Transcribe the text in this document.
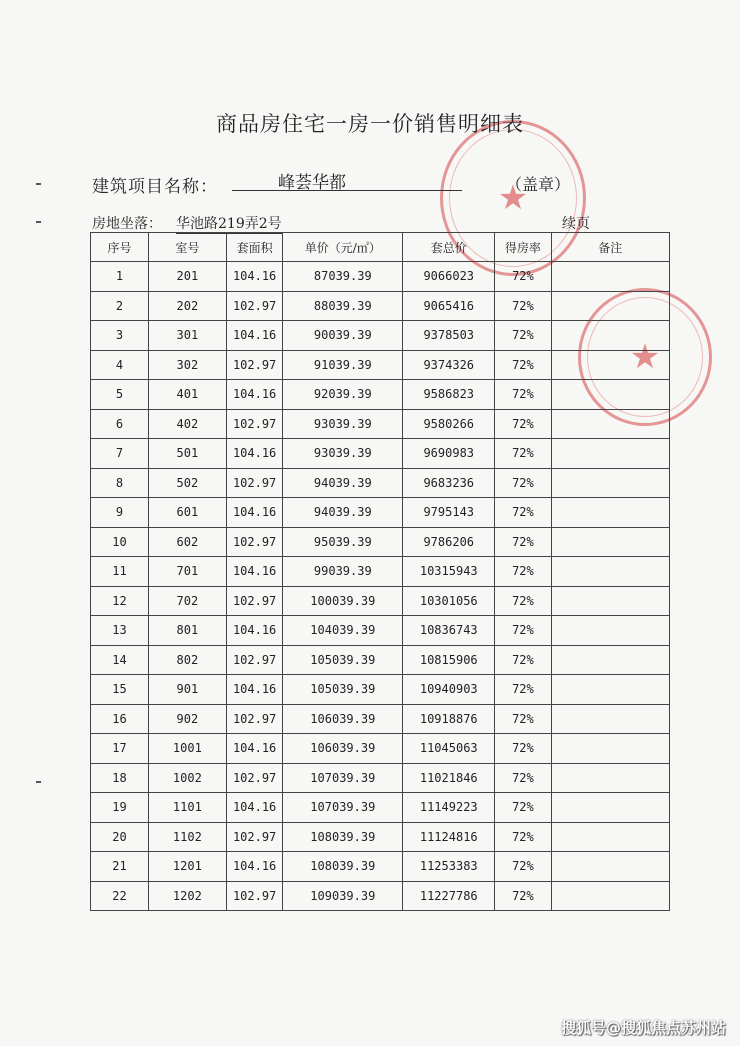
★
★
商品房住宅一房一价销售明细表
建筑项目名称：	峰荟华都	（盖章）
房地坐落： 华池路219弄2号	续页
序号	室号	套面积	单价（元/㎡）	套总价	得房率	备注
1	201	104.16	87039.39	9066023	72%	
2	202	102.97	88039.39	9065416	72%	
3	301	104.16	90039.39	9378503	72%	
4	302	102.97	91039.39	9374326	72%	
5	401	104.16	92039.39	9586823	72%	
6	402	102.97	93039.39	9580266	72%	
7	501	104.16	93039.39	9690983	72%	
8	502	102.97	94039.39	9683236	72%	
9	601	104.16	94039.39	9795143	72%	
10	602	102.97	95039.39	9786206	72%	
11	701	104.16	99039.39	10315943	72%	
12	702	102.97	100039.39	10301056	72%	
13	801	104.16	104039.39	10836743	72%	
14	802	102.97	105039.39	10815906	72%	
15	901	104.16	105039.39	10940903	72%	
16	902	102.97	106039.39	10918876	72%	
17	1001	104.16	106039.39	11045063	72%	
18	1002	102.97	107039.39	11021846	72%	
19	1101	104.16	107039.39	11149223	72%	
20	1102	102.97	108039.39	11124816	72%	
21	1201	104.16	108039.39	11253383	72%	
22	1202	102.97	109039.39	11227786	72%	
搜狐号@搜狐焦点苏州站
